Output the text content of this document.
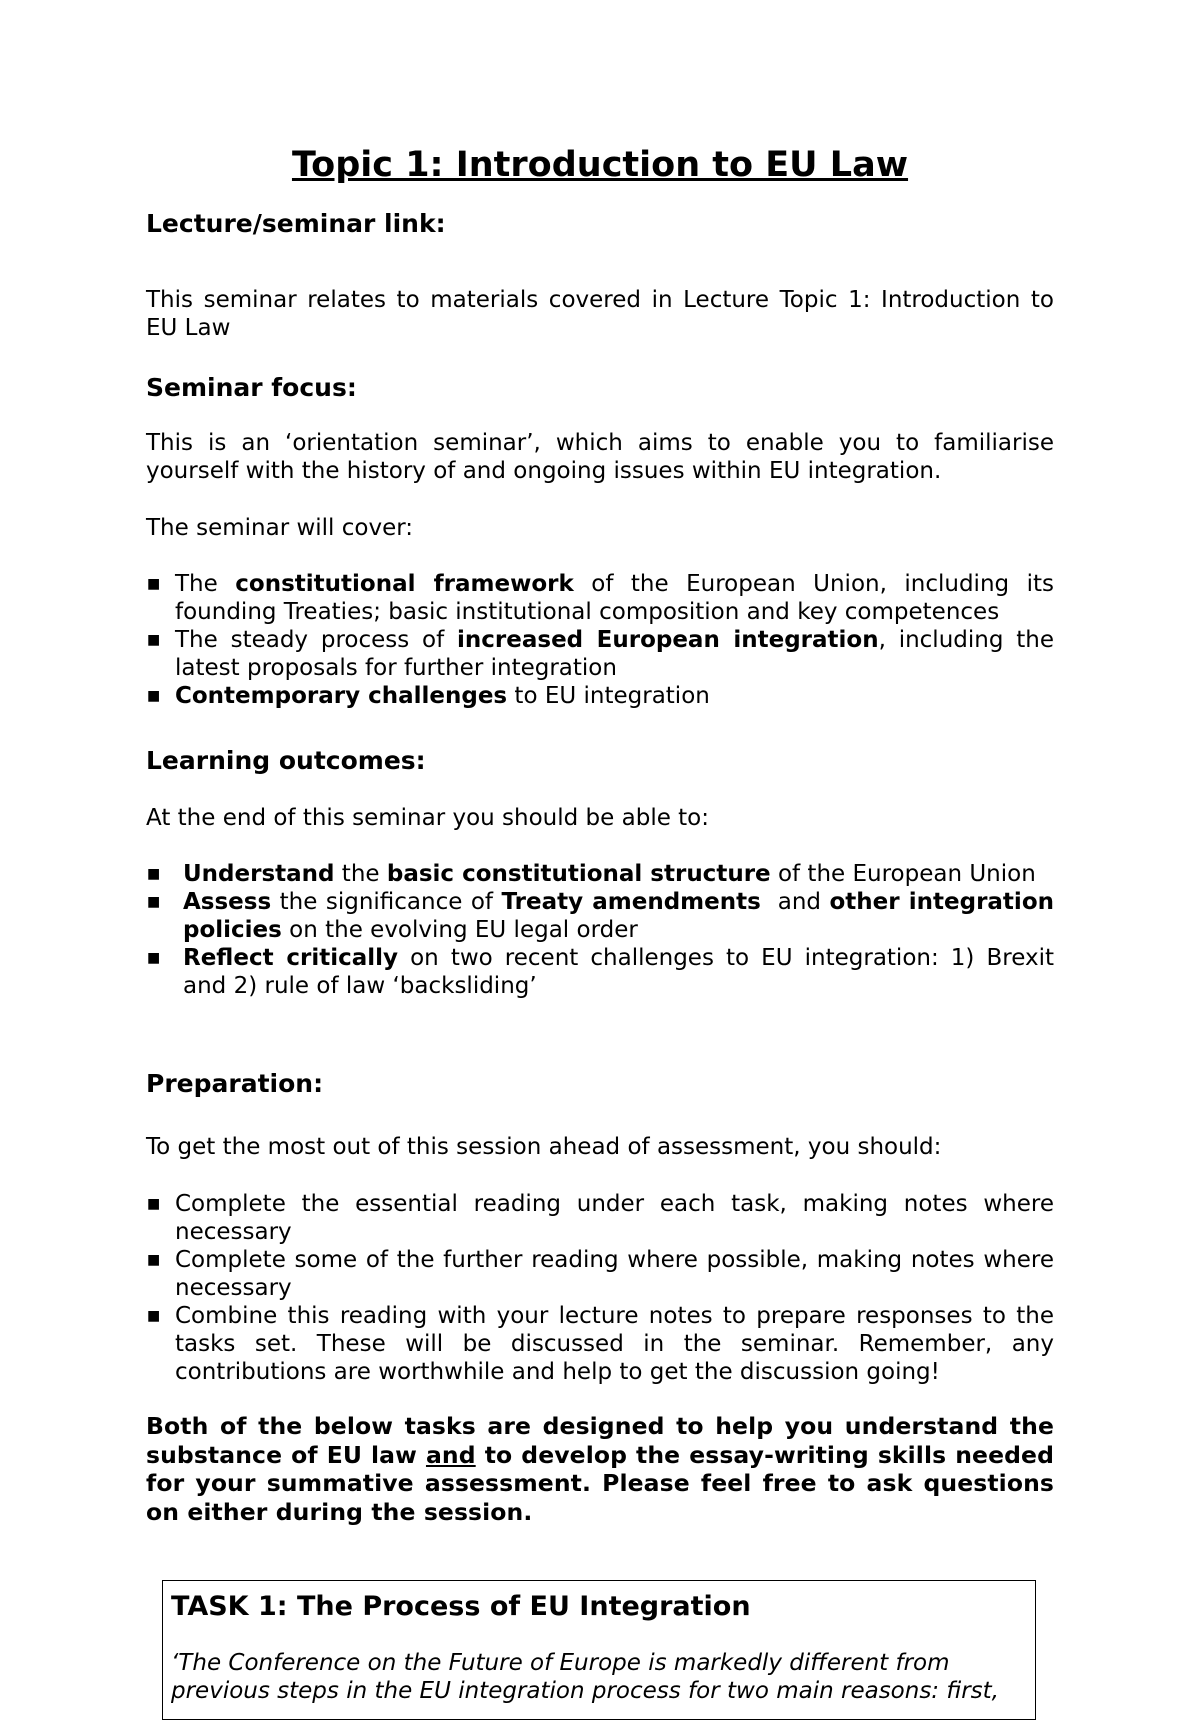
Topic 1: Introduction to EU Law
Lecture/seminar link:

This seminar relates to materials covered in Lecture Topic 1: Introduction to EU Law

Seminar focus:

This is an ‘orientation seminar’, which aims to enable you to familiarise yourself with the history of and ongoing issues within EU integration.

The seminar will cover:

■ The constitutional framework of the European Union, including its founding Treaties; basic institutional composition and key competences
■ The steady process of increased European integration, including the latest proposals for further integration
■ Contemporary challenges to EU integration
Learning outcomes:

At the end of this seminar you should be able to:

■ Understand the basic constitutional structure of the European Union
■ Assess the significance of Treaty amendments  and other integration policies on the evolving EU legal order
■ Reflect critically on two recent challenges to EU integration: 1) Brexit and 2) rule of law ‘backsliding’
Preparation:

To get the most out of this session ahead of assessment, you should:

■ Complete the essential reading under each task, making notes where necessary
■ Complete some of the further reading where possible, making notes where necessary
■ Combine this reading with your lecture notes to prepare responses to the tasks set. These will be discussed in the seminar. Remember, any contributions are worthwhile and help to get the discussion going!

Both of the below tasks are designed to help you understand the substance of EU law and to develop the essay-writing skills needed for your summative assessment. Please feel free to ask questions on either during the session.

TASK 1: The Process of EU Integration

‘The Conference on the Future of Europe is markedly different from

previous steps in the EU integration process for two main reasons: first,
